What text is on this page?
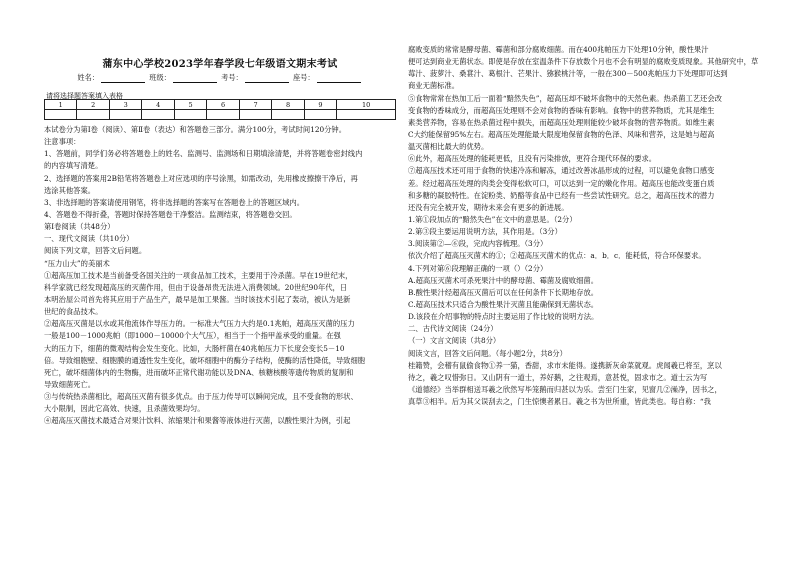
蒲东中心学校2023学年春学段七年级语文期末考试
姓名：	班级：	考号：	座号：
请将选择题答案填入表格
1	2	3	4	5	6	7	8	9	10

本试卷分为第Ⅰ卷（阅读）、第Ⅱ卷（表达）和答题卷三部分。满分100分，考试时间120分钟。
注意事项：
1、答题前，同学们务必将答题卷上的姓名、监测号、监测场和日期填涂清楚，并将答题卷密封线内
的内容填写清楚。
2、选择题的答案用2B铅笔将答题卷上对应选项的序号涂黑，如需改动，先用橡皮擦擦干净后，再
选涂其他答案。
3、非选择题的答案请使用钢笔，将非选择题的答案写在答题卷上的答题区域内。
4、答题卷不得折叠，答题时保持答题卷干净整洁。监测结束，将答题卷交回。
第Ⅰ卷阅读（共48分）
一、现代文阅读（共10分）
阅读下列文章，回答文后问题。
“压力山大”的美丽术
①超高压加工技术是当前备受各国关注的一项食品加工技术，主要用于冷杀菌。早在19世纪末，
科学家就已经发现超高压的灭菌作用，但由于设备昂贵无法进入消费领域。20世纪90年代，日
本明治屋公司首先将其应用于产品生产，最早是加工果酱。当时该技术引起了轰动，被认为是新
世纪的食品技术。
②超高压灭菌是以水或其他流体作导压力的。一标准大气压力大约是0.1兆帕，超高压灭菌的压力
一般是100－1000兆帕（即1000－10000个大气压），相当于一个指甲盖承受的重量。在强
大的压力下，细菌的微观结构会发生变化。比如，大肠杆菌在40兆帕压力下长度会变长5－10
倍。导致细胞壁、细胞膜的通透性发生变化，破坏细胞中的酶分子结构，使酶的活性降低，导致细胞
死亡，破坏细菌体内的生物酶，进而破坏正常代谢功能以及DNA、核糖核酸等遗传物质的复制和
导致细菌死亡。
③与传统热杀菌相比，超高压灭菌有很多优点。由于压力传导可以瞬间完成，且不受食物的形状、
大小限制，因此它高效、快速，且杀菌效果均匀。
④超高压灭菌技术最适合对果汁饮料、浓缩果汁和果酱等液体进行灭菌，以酸性果汁为例，引起
腐败变质的常常是酵母菌、霉菌和部分腐败细菌。而在400兆帕压力下处理10分钟，酸性果汁
便可达到商业无菌状态。即使是存放在室温条件下存放数个月也不会有明显的腐败变质现象。其他研究中，草
莓汁、菠萝汁、桑葚汁、葛根汁、芒果汁、猕猴桃汁等，一般在300－500兆帕压力下处理即可达到
商业无菌标准。
⑤食物常常在热加工后一面着“黯然失色”，超高压却不破坏食物中的天然色素。热杀菌工艺还会改
变食物的香味成分，而超高压处理则不会对食物的香味有影响。食物中的营养物质，尤其是维生
素类营养物，容易在热杀菌过程中损失，而超高压处理则能较少破坏食物的营养物质。如维生素
C大约能保留95%左右。超高压处理能最大限度地保留食物的色泽、风味和营养，这是她与超高
温灭菌相比最大的优势。
⑥此外，超高压处理的能耗更低，且没有污染排放，更符合现代环保的要求。
⑦超高压技术还可用于食物的快速冷冻和解冻，通过改善冰晶形成的过程，可以避免食物口感变
差。经过超高压处理的肉类会变得松软可口，可以达到一定的嫩化作用。超高压也能改变蛋白质
和多糖的凝胶特性。在淀粉类、奶酪等食品中已经有一些尝试性研究。总之，超高压技术的潜力
还没有完全被开发，期待未来会有更多的新进展。
1.第①段加点的“黯然失色”在文中的意思是。（2分）
2.第③段主要运用说明方法，其作用是。（3分）
3.阅读第②—⑥段，完成内容梳理。（3分）
依次介绍了超高压灭菌术的①；②超高压灭菌术的优点：a．b．c．能耗低，符合环保要求。
4.下列对第⑥段理解正确的一项（）（2分）
A.超高压灭菌术可杀死果汁中的酵母菌、霉菌及腐败细菌。
B.酸性果汁经超高压灭菌后可以在任何条件下长期地存放。
C.超高压技术只适合为酸性果汁灭菌且能确保到无菌状态。
D.该段在介绍事物的特点时主要运用了作比较的说明方法。
二、古代诗文阅读（24分）
（一）文言文阅读（共8分）
阅读文言，回答文后问题。（每小题2分，共8分）
桂籍赞，会稽有鼠偷食物①养一猫，香甜，求市未能得。遂携新灰命菜就观。虎闻羲已将至，烹以
待之，羲之叹惜弥日。又山阴有一道士，养好鹅，之往观焉，意甚悦，固求市之。道士云为写
《道德经》当举群相送耳羲之欣然写毕笼鹅而归甚以为乐。尝至门生家，见窗几②澡净，因书之，
真草③相半。后为其父误刮去之，门生惊懊者累日。羲之书为世所重，皆此类也。每自称：“我
